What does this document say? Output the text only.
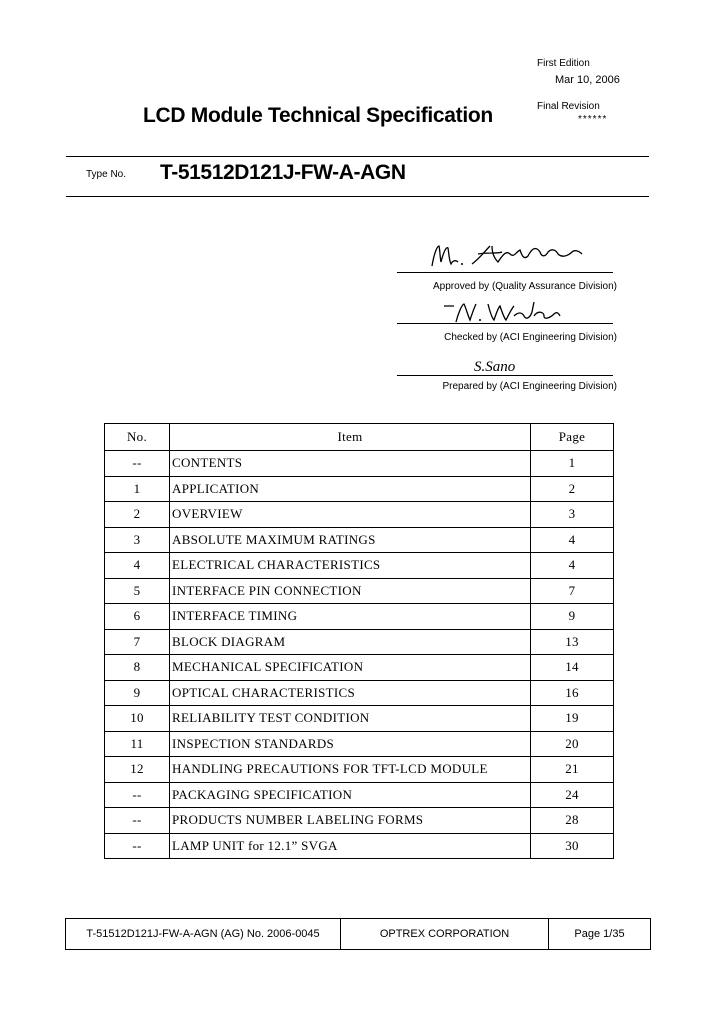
First Edition
Mar 10, 2006
Final Revision
******
LCD Module Technical Specification
Type No. T-51512D121J-FW-A-AGN
Approved by (Quality Assurance Division)
Checked by (ACI Engineering Division)
S.Sano
Prepared by (ACI Engineering Division)
No.	Item	Page
--	CONTENTS	1
1	APPLICATION	2
2	OVERVIEW	3
3	ABSOLUTE MAXIMUM RATINGS	4
4	ELECTRICAL CHARACTERISTICS	4
5	INTERFACE PIN CONNECTION	7
6	INTERFACE TIMING	9
7	BLOCK DIAGRAM	13
8	MECHANICAL SPECIFICATION	14
9	OPTICAL CHARACTERISTICS	16
10	RELIABILITY TEST CONDITION	19
11	INSPECTION STANDARDS	20
12	HANDLING PRECAUTIONS FOR TFT-LCD MODULE	21
--	PACKAGING SPECIFICATION	24
--	PRODUCTS NUMBER LABELING FORMS	28
--	LAMP UNIT for 12.1” SVGA	30
T-51512D121J-FW-A-AGN (AG) No. 2006-0045	OPTREX CORPORATION	Page 1/35
